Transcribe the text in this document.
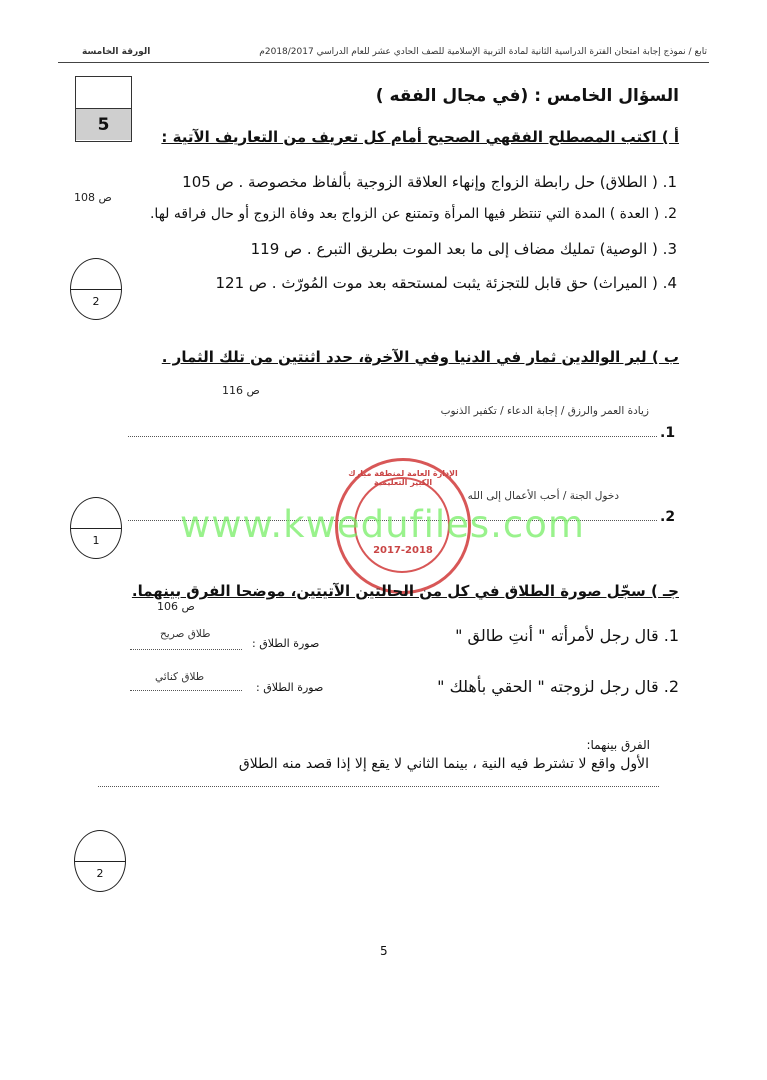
تابع / نموذج إجابة امتحان الفترة الدراسية الثانية لمادة التربية الإسلامية للصف الحادي عشر للعام الدراسي 2018/2017م
الورقة الخامسة
5
السؤال الخامس : (في مجال الفقه )
أ ) اكتب المصطلح الفقهي الصحيح أمام كل تعريف من التعاريف الآتية :
1. ( الطلاق) حل رابطة الزواج وإنهاء العلاقة الزوجية بألفاظ مخصوصة . ص 105
ص 108
2. ( العدة ) المدة التي تنتظر فيها المرأة وتمتنع عن الزواج بعد وفاة الزوج أو حال فراقه لها.
3. ( الوصية) تمليك مضاف إلى ما بعد الموت بطريق التبرع . ص 119
4. ( الميراث) حق قابل للتجزئة يثبت لمستحقه بعد موت المُورّث . ص 121
2
ب ) لبر الوالدين ثمار في الدنيا وفي الآخرة، حدد اثنتين من تلك الثمار .
ص 116
زيادة العمر والرزق / إجابة الدعاء / تكفير الذنوب
.1
دخول الجنة / أحب الأعمال إلى الله
.2
1
الإدارة العامة لمنطقة مبارك الكبير التعليمية
2017-2018
www.kwedufiles.com
جـ ) سجّل صورة الطلاق في كل من الحالتين الآتيتين، موضحا الفرق بينهما.
ص 106
1. قال رجل لأمرأته " أنتِ طالق "
طلاق صريح
صورة الطلاق :
2. قال رجل لزوجته " الحقي بأهلك "
طلاق كنائي
صورة الطلاق :
الفرق بينهما:
الأول واقع لا تشترط فيه النية ، بينما الثاني لا يقع إلا إذا قصد منه الطلاق
2
5
